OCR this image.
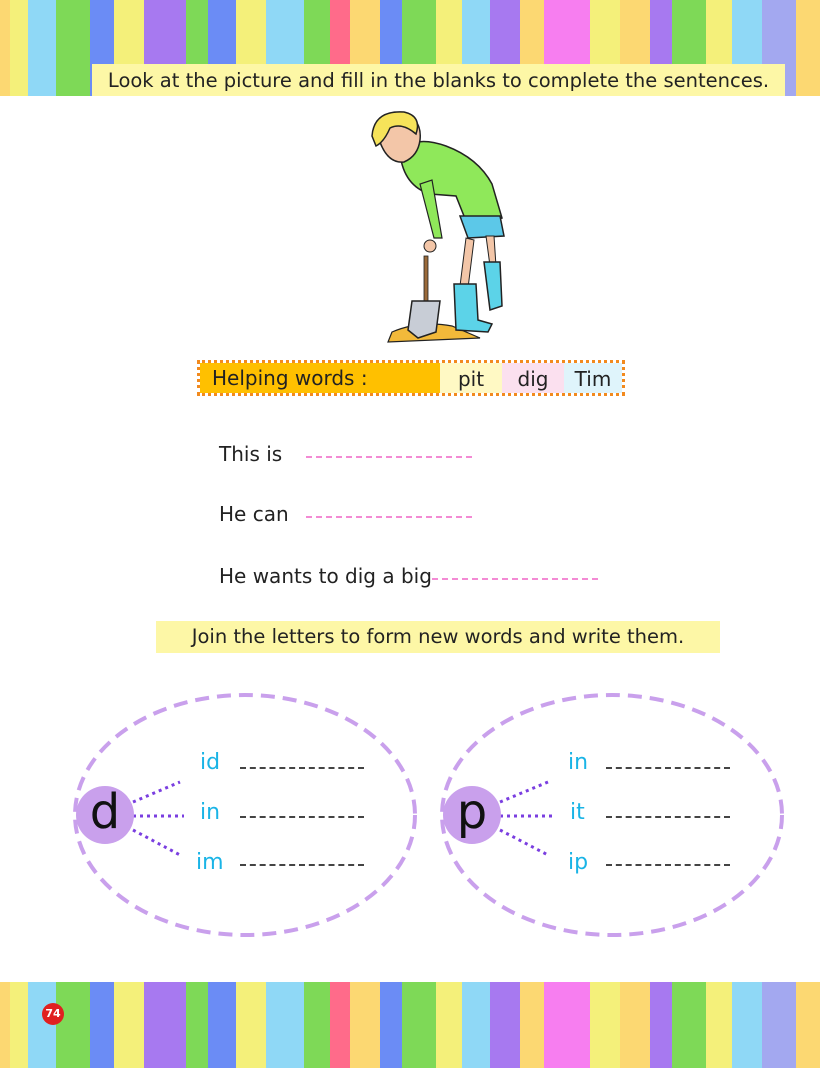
Look at the picture and fill in the blanks to complete the sentences.
Helping words :	pit	dig	Tim
This is
He can
He wants to dig a big
Join the letters to form new words and write them.
d	p
id
in
im
in
it
ip
74
